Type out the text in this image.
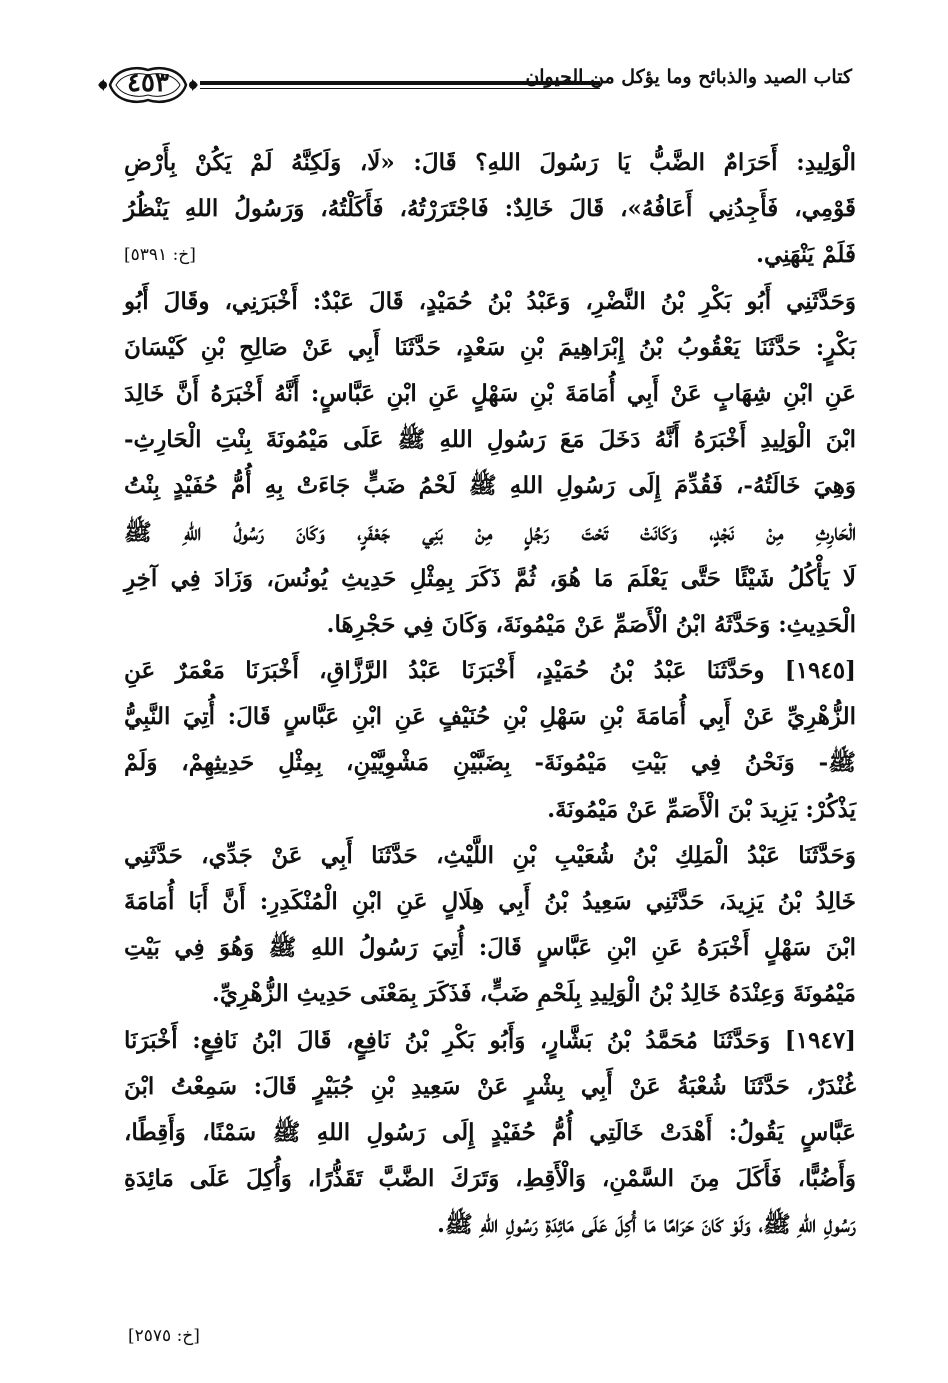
٤٥٣	كتاب الصيد والذبائح وما يؤكل من الحيوان
الْوَلِيدِ: أَحَرَامٌ الضَّبُّ يَا رَسُولَ اللهِ؟ قَالَ: «لَا، وَلَكِنَّهُ لَمْ يَكُنْ بِأَرْضِ
قَوْمِي، فَأَجِدُنِي أَعَافُهُ»، قَالَ خَالِدٌ: فَاجْتَرَرْتُهُ، فَأَكَلْتُهُ، وَرَسُولُ اللهِ يَنْظُرُ
فَلَمْ يَنْهَنِي.
[خ: ٥٣٩١]
وَحَدَّثَنِي أَبُو بَكْرِ بْنُ النَّضْرِ، وَعَبْدُ بْنُ حُمَيْدٍ، قَالَ عَبْدٌ: أَخْبَرَنِي، وقَالَ أَبُو
بَكْرٍ: حَدَّثَنَا يَعْقُوبُ بْنُ إِبْرَاهِيمَ بْنِ سَعْدٍ، حَدَّثَنَا أَبِي عَنْ صَالِحِ بْنِ كَيْسَانَ
عَنِ ابْنِ شِهَابٍ عَنْ أَبِي أُمَامَةَ بْنِ سَهْلٍ عَنِ ابْنِ عَبَّاسٍ: أَنَّهُ أَخْبَرَهُ أَنَّ خَالِدَ
ابْنَ الْوَلِيدِ أَخْبَرَهُ أَنَّهُ دَخَلَ مَعَ رَسُولِ اللهِ ﷺ عَلَى مَيْمُونَةَ بِنْتِ الْحَارِثِ-
وَهِيَ خَالَتُهُ-، فَقُدِّمَ إِلَى رَسُولِ اللهِ ﷺ لَحْمُ ضَبٍّ جَاءَتْ بِهِ أُمُّ حُفَيْدٍ بِنْتُ
الْحَارِثِ مِنْ نَجْدٍ، وَكَانَتْ تَحْتَ رَجُلٍ مِنْ بَنِي جَعْفَرٍ، وَكَانَ رَسُولُ اللهِ ﷺ
لَا يَأْكُلُ شَيْئًا حَتَّى يَعْلَمَ مَا هُوَ، ثُمَّ ذَكَرَ بِمِثْلِ حَدِيثِ يُونُسَ، وَزَادَ فِي آخِرِ
الْحَدِيثِ: وَحَدَّثَهُ ابْنُ الْأَصَمِّ عَنْ مَيْمُونَةَ، وَكَانَ فِي حَجْرِهَا.
[١٩٤٥] وحَدَّثَنَا عَبْدُ بْنُ حُمَيْدٍ، أَخْبَرَنَا عَبْدُ الرَّزَّاقِ، أَخْبَرَنَا مَعْمَرٌ عَنِ
الزُّهْرِيِّ عَنْ أَبِي أُمَامَةَ بْنِ سَهْلِ بْنِ حُنَيْفٍ عَنِ ابْنِ عَبَّاسٍ قَالَ: أُتِيَ النَّبِيُّ
ﷺ- وَنَحْنُ فِي بَيْتِ مَيْمُونَةَ- بِضَبَّيْنِ مَشْوِيَّيْنِ، بِمِثْلِ حَدِيثِهِمْ، وَلَمْ
يَذْكُرْ: يَزِيدَ بْنَ الْأَصَمِّ عَنْ مَيْمُونَةَ.
وَحَدَّثَنَا عَبْدُ الْمَلِكِ بْنُ شُعَيْبِ بْنِ اللَّيْثِ، حَدَّثَنَا أَبِي عَنْ جَدِّي، حَدَّثَنِي
خَالِدُ بْنُ يَزِيدَ، حَدَّثَنِي سَعِيدُ بْنُ أَبِي هِلَالٍ عَنِ ابْنِ الْمُنْكَدِرِ: أَنَّ أَبَا أُمَامَةَ
ابْنَ سَهْلٍ أَخْبَرَهُ عَنِ ابْنِ عَبَّاسٍ قَالَ: أُتِيَ رَسُولُ اللهِ ﷺ وَهُوَ فِي بَيْتِ
مَيْمُونَةَ وَعِنْدَهُ خَالِدُ بْنُ الْوَلِيدِ بِلَحْمِ ضَبٍّ، فَذَكَرَ بِمَعْنَى حَدِيثِ الزُّهْرِيِّ.
[١٩٤٧] وَحَدَّثَنَا مُحَمَّدُ بْنُ بَشَّارٍ، وَأَبُو بَكْرِ بْنُ نَافِعٍ، قَالَ ابْنُ نَافِعٍ: أَخْبَرَنَا
غُنْدَرٌ، حَدَّثَنَا شُعْبَةُ عَنْ أَبِي بِشْرٍ عَنْ سَعِيدِ بْنِ جُبَيْرٍ قَالَ: سَمِعْتُ ابْنَ
عَبَّاسٍ يَقُولُ: أَهْدَتْ خَالَتِي أُمُّ حُفَيْدٍ إِلَى رَسُولِ اللهِ ﷺ سَمْنًا، وَأَقِطًا،
وَأَضُبًّا، فَأَكَلَ مِنَ السَّمْنِ، وَالْأَقِطِ، وَتَرَكَ الضَّبَّ تَقَذُّرًا، وَأُكِلَ عَلَى مَائِدَةِ
رَسُولِ اللهِ ﷺ، وَلَوْ كَانَ حَرَامًا مَا أُكِلَ عَلَى مَائِدَةِ رَسُولِ اللهِ ﷺ.
[خ: ٢٥٧٥]
